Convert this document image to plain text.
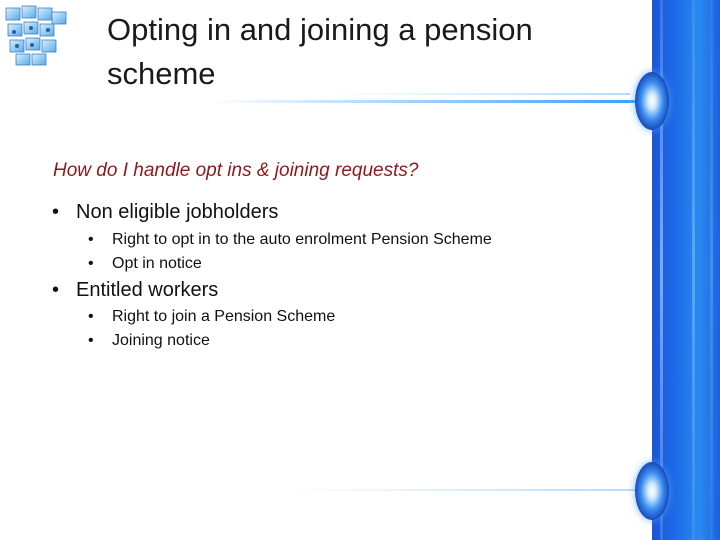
Opting in and joining a pension scheme
How do I handle opt ins & joining requests?
• Non eligible jobholders
•	Right to opt in to the auto enrolment Pension Scheme
•	Opt in notice
• Entitled workers
•	Right to join a Pension Scheme
•	Joining notice
